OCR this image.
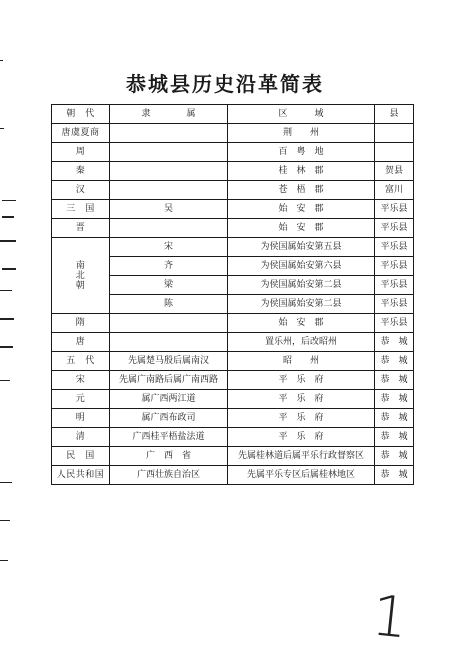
恭城县历史沿革简表
朝　代	隶　　　　属	区　　　域	县
唐虞夏商		荆　　州	
周		百　粤　地	
秦		桂　林　郡	贺县
汉		苍　梧　郡	富川
三　国	吴	始　安　郡	平乐县
晋		始　安　郡	平乐县

南
北
朝	宋	为侯国属始安第五县	平乐县
	齐	为侯国属始安第六县	平乐县
	梁	为侯国属始安第二县	平乐县
	陈	为侯国属始安第二县	平乐县
隋		始　安　郡	平乐县
唐		置乐州，后改昭州	恭　城
五　代	先属楚马殷后属南汉	昭　　州	恭　城
宋	先属广南路后属广南西路	平　乐　府	恭　城
元	属广西两江道	平　乐　府	恭　城
明	属广西布政司	平　乐　府	恭　城
清	广西桂平梧盐法道	平　乐　府	恭　城
民　国	广　西　省	先属桂林道后属平乐行政督察区	恭　城
人民共和国	广西壮族自治区	先属平乐专区后属桂林地区	恭　城
1
